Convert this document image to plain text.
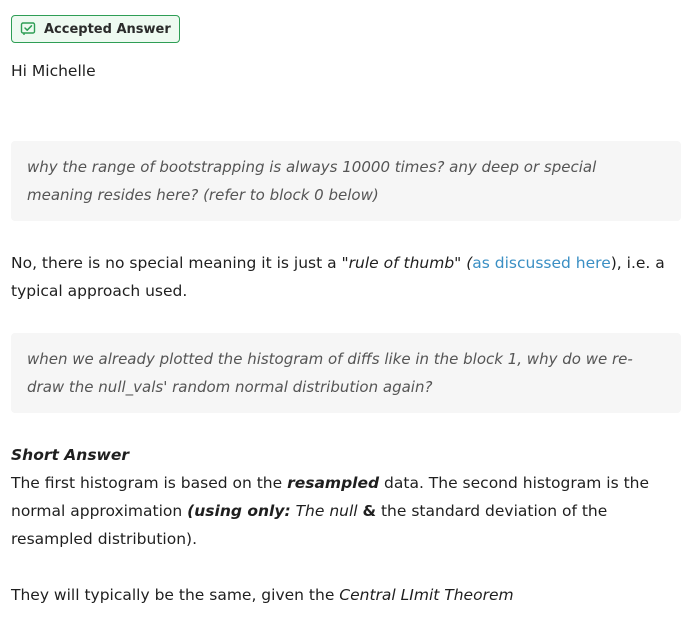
Accepted Answer

Hi Michelle

why the range of bootstrapping is always 10000 times? any deep or special meaning resides here? (refer to block 0 below)

No, there is no special meaning it is just a "rule of thumb" (as discussed here), i.e. a typical approach used.

when we already plotted the histogram of diffs like in the block 1, why do we re-draw the null_vals' random normal distribution again?
Short Answer
The first histogram is based on the resampled data. The second histogram is the normal approximation (using only: The null & the standard deviation of the resampled distribution).

They will typically be the same, given the Central LImit Theorem
